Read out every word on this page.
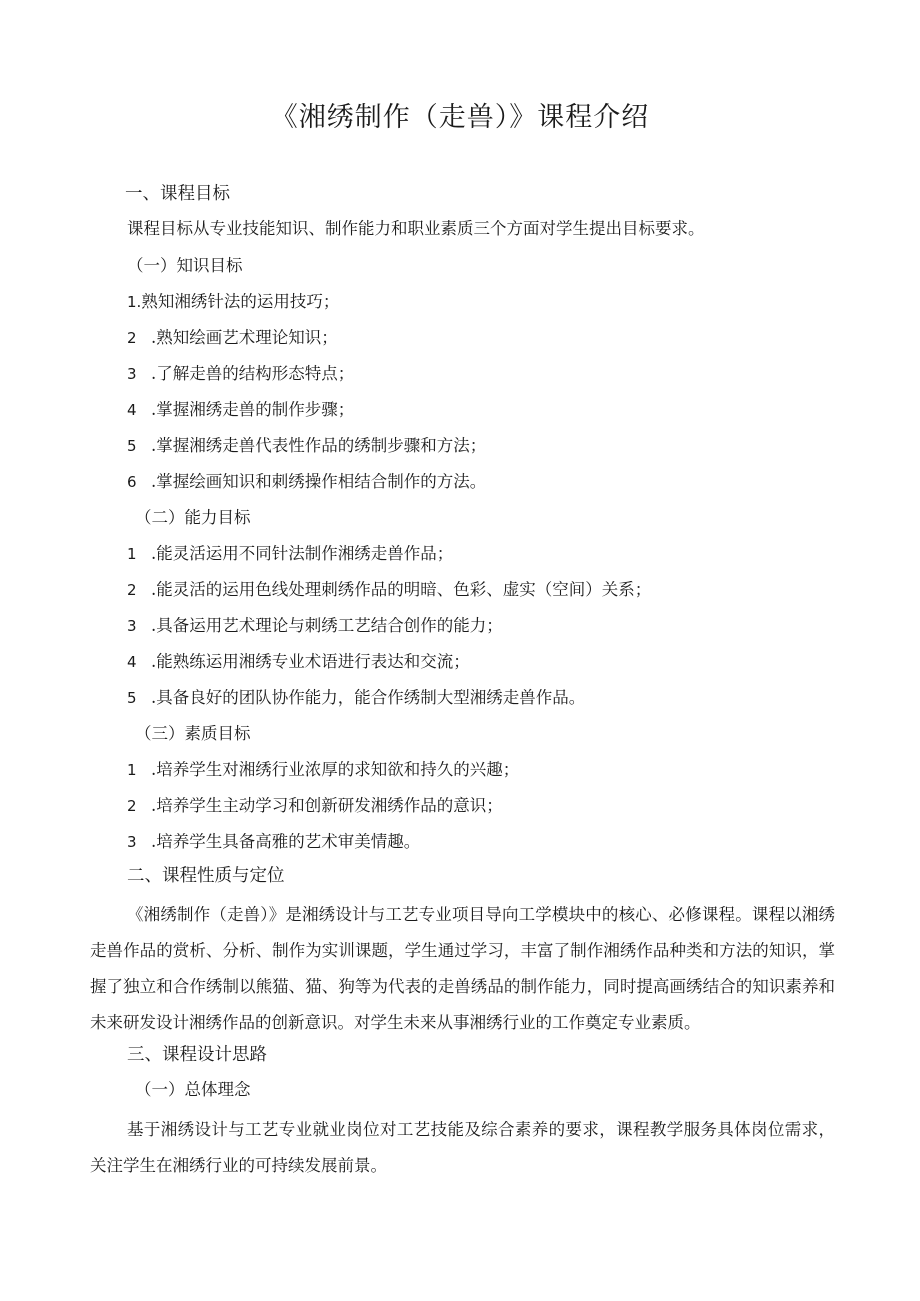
《湘绣制作（走兽）》课程介绍
一、课程目标
课程目标从专业技能知识、制作能力和职业素质三个方面对学生提出目标要求。
（一）知识目标
1.熟知湘绣针法的运用技巧；
2 .熟知绘画艺术理论知识；
3 .了解走兽的结构形态特点；
4 .掌握湘绣走兽的制作步骤；
5 .掌握湘绣走兽代表性作品的绣制步骤和方法；
6 .掌握绘画知识和刺绣操作相结合制作的方法。
（二）能力目标
1 .能灵活运用不同针法制作湘绣走兽作品；
2 .能灵活的运用色线处理刺绣作品的明暗、色彩、虚实（空间）关系；
3 .具备运用艺术理论与刺绣工艺结合创作的能力；
4 .能熟练运用湘绣专业术语进行表达和交流；
5 .具备良好的团队协作能力，能合作绣制大型湘绣走兽作品。
（三）素质目标
1 .培养学生对湘绣行业浓厚的求知欲和持久的兴趣；
2 .培养学生主动学习和创新研发湘绣作品的意识；
3 .培养学生具备高雅的艺术审美情趣。
二、课程性质与定位
《湘绣制作（走兽）》是湘绣设计与工艺专业项目导向工学模块中的核心、必修课程。课程以湘绣走兽作品的赏析、分析、制作为实训课题，学生通过学习，丰富了制作湘绣作品种类和方法的知识，掌握了独立和合作绣制以熊猫、猫、狗等为代表的走兽绣品的制作能力，同时提高画绣结合的知识素养和未来研发设计湘绣作品的创新意识。对学生未来从事湘绣行业的工作奠定专业素质。
三、课程设计思路
（一）总体理念
基于湘绣设计与工艺专业就业岗位对工艺技能及综合素养的要求，课程教学服务具体岗位需求，关注学生在湘绣行业的可持续发展前景。
